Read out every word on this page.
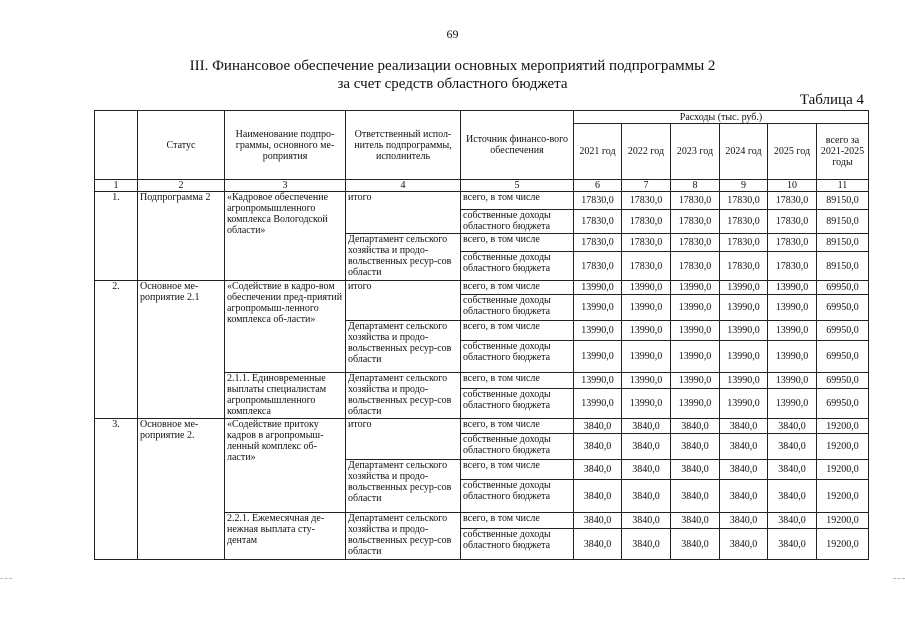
69
III. Финансовое обеспечение реализации основных мероприятий подпрограммы 2
за счет средств областного бюджета
Таблица 4
	Статус	Наименование подпро-граммы, основного ме-роприятия	Ответственный испол-нитель подпрограммы, исполнитель	Источник финансо-вого обеспечения	Расходы (тыс. руб.)					
					2021 год	2022 год	2023 год	2024 год	2025 год	всего за 2021-2025 годы
1	2	3	4	5	6	7	8	9	10	11
1.	Подпрограмма 2	«Кадровое обеспечение агропромышленного комплекса Вологодской области»	итого	всего, в том числе	17830,0	17830,0	17830,0	17830,0	17830,0	89150,0
				собственные доходы областного бюджета	17830,0	17830,0	17830,0	17830,0	17830,0	89150,0
			Департамент сельского хозяйства и продо-вольственных ресур-сов области	всего, в том числе	17830,0	17830,0	17830,0	17830,0	17830,0	89150,0
				собственные доходы областного бюджета	17830,0	17830,0	17830,0	17830,0	17830,0	89150,0
2.	Основное ме-роприятие 2.1	«Содействие в кадро-вом обеспечении пред-приятий агропромыш-ленного комплекса об-ласти»	итого	всего, в том числе	13990,0	13990,0	13990,0	13990,0	13990,0	69950,0
				собственные доходы областного бюджета	13990,0	13990,0	13990,0	13990,0	13990,0	69950,0
			Департамент сельского хозяйства и продо-вольственных ресур-сов области	всего, в том числе	13990,0	13990,0	13990,0	13990,0	13990,0	69950,0
				собственные доходы областного бюджета	13990,0	13990,0	13990,0	13990,0	13990,0	69950,0
		2.1.1. Единовременные выплаты специалистам агропромышленного комплекса	Департамент сельского хозяйства и продо-вольственных ресур-сов области	всего, в том числе	13990,0	13990,0	13990,0	13990,0	13990,0	69950,0
				собственные доходы областного бюджета	13990,0	13990,0	13990,0	13990,0	13990,0	69950,0
3.	Основное ме-роприятие 2.	«Содействие притоку кадров в агропромыш-ленный комплекс об-ласти»	итого	всего, в том числе	3840,0	3840,0	3840,0	3840,0	3840,0	19200,0
				собственные доходы областного бюджета	3840,0	3840,0	3840,0	3840,0	3840,0	19200,0
			Департамент сельского хозяйства и продо-вольственных ресур-сов области	всего, в том числе	3840,0	3840,0	3840,0	3840,0	3840,0	19200,0
				собственные доходы областного бюджета	3840,0	3840,0	3840,0	3840,0	3840,0	19200,0
		2.2.1. Ежемесячная де-нежная выплата сту-дентам	Департамент сельского хозяйства и продо-вольственных ресур-сов области	всего, в том числе	3840,0	3840,0	3840,0	3840,0	3840,0	19200,0
				собственные доходы областного бюджета	3840,0	3840,0	3840,0	3840,0	3840,0	19200,0
